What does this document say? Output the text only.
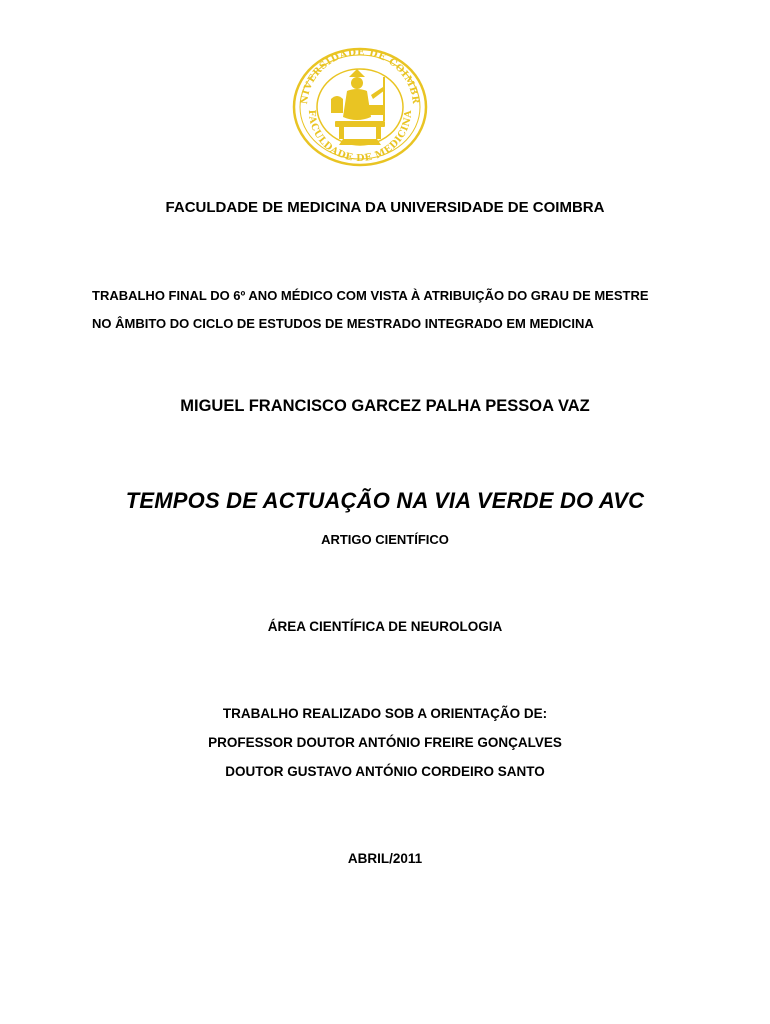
NIVERSIDADE DE COIMBR
FACULDADE DE MEDICINA
FACULDADE DE MEDICINA DA UNIVERSIDADE DE COIMBRA
TRABALHO FINAL DO 6º ANO MÉDICO COM VISTA À ATRIBUIÇÃO DO GRAU DE MESTRE
NO ÂMBITO DO CICLO DE ESTUDOS DE MESTRADO INTEGRADO EM MEDICINA
MIGUEL FRANCISCO GARCEZ PALHA PESSOA VAZ
TEMPOS DE ACTUAÇÃO NA VIA VERDE DO AVC
ARTIGO CIENTÍFICO
ÁREA CIENTÍFICA DE NEUROLOGIA
TRABALHO REALIZADO SOB A ORIENTAÇÃO DE:
PROFESSOR DOUTOR ANTÓNIO FREIRE GONÇALVES
DOUTOR GUSTAVO ANTÓNIO CORDEIRO SANTO
ABRIL/2011
